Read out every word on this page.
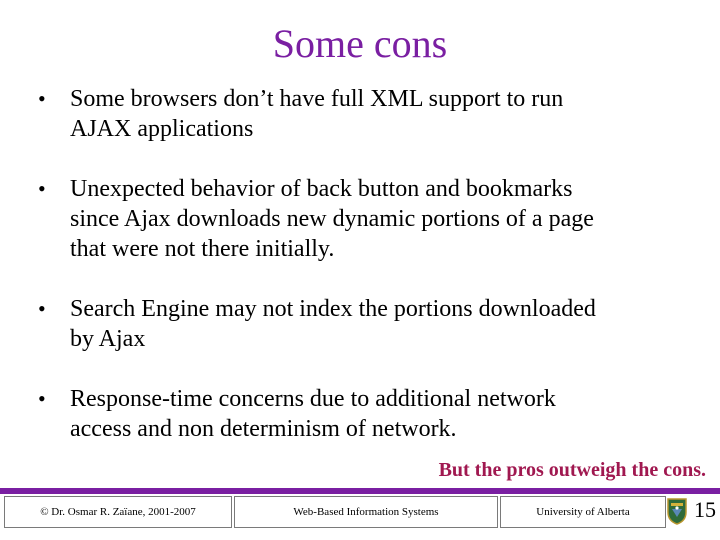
Some cons
• Some browsers don’t have full XML support to run
AJAX applications
• Unexpected behavior of back button and bookmarks
since Ajax downloads new dynamic portions of a page
that were not there initially.
• Search Engine may not index the portions downloaded
by Ajax
• Response-time concerns due to additional network
access and non determinism of network.
But the pros outweigh the cons.
© Dr. Osmar R. Zaïane, 2001-2007	Web-Based Information Systems	University of Alberta	15
